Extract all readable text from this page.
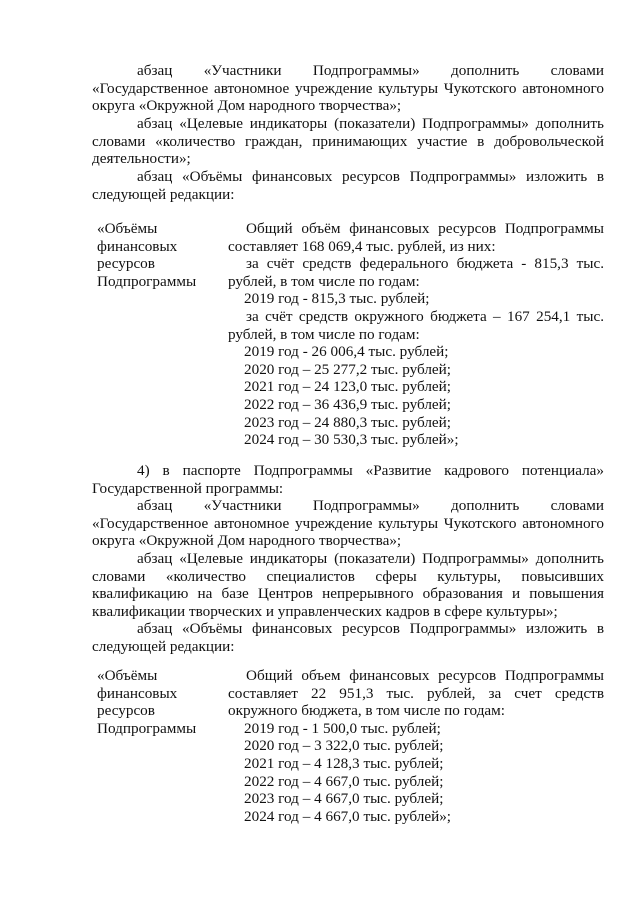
абзац «Участники Подпрограммы» дополнить словами
«Государственное автономное учреждение культуры Чукотского автономного
округа «Окружной Дом народного творчества»;
абзац «Целевые индикаторы (показатели) Подпрограммы» дополнить
словами «количество граждан, принимающих участие в добровольческой
деятельности»;
абзац «Объёмы финансовых ресурсов Подпрограммы» изложить в
следующей редакции:
«Объёмы
финансовых
ресурсов
Подпрограммы
Общий объём финансовых ресурсов Подпрограммы
составляет 168 069,4 тыс. рублей, из них:
за счёт средств федерального бюджета - 815,3 тыс.
рублей, в том числе по годам:
2019 год - 815,3 тыс. рублей;
за счёт средств окружного бюджета – 167 254,1 тыс.
рублей, в том числе по годам:
2019 год - 26 006,4 тыс. рублей;
2020 год – 25 277,2 тыс. рублей;
2021 год – 24 123,0 тыс. рублей;
2022 год – 36 436,9 тыс. рублей;
2023 год – 24 880,3 тыс. рублей;
2024 год – 30 530,3 тыс. рублей»;
4) в паспорте Подпрограммы «Развитие кадрового потенциала»
Государственной программы:
абзац «Участники Подпрограммы» дополнить словами
«Государственное автономное учреждение культуры Чукотского автономного
округа «Окружной Дом народного творчества»;
абзац «Целевые индикаторы (показатели) Подпрограммы» дополнить
словами «количество специалистов сферы культуры, повысивших
квалификацию на базе Центров непрерывного образования и повышения
квалификации творческих и управленческих кадров в сфере культуры»;
абзац «Объёмы финансовых ресурсов Подпрограммы» изложить в
следующей редакции:
«Объёмы
финансовых
ресурсов
Подпрограммы
Общий объем финансовых ресурсов Подпрограммы
составляет 22 951,3 тыс. рублей, за счет средств
окружного бюджета, в том числе по годам:
2019 год - 1 500,0 тыс. рублей;
2020 год – 3 322,0 тыс. рублей;
2021 год – 4 128,3 тыс. рублей;
2022 год – 4 667,0 тыс. рублей;
2023 год – 4 667,0 тыс. рублей;
2024 год – 4 667,0 тыс. рублей»;
